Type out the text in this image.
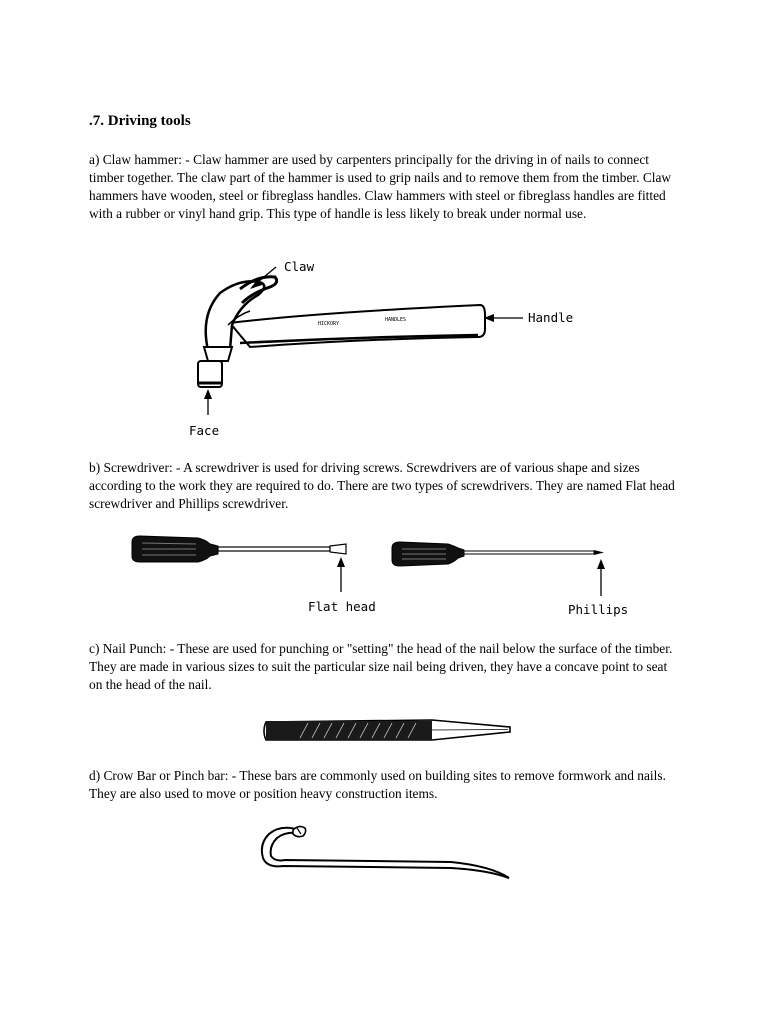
.7. Driving tools

a) Claw hammer: - Claw hammer are used by carpenters principally for the driving in of nails to connect timber together. The claw part of the hammer is used to grip nails and to remove them from the timber. Claw hammers have wooden, steel or fibreglass handles. Claw hammers with steel or fibreglass handles are fitted with a rubber or vinyl hand grip. This type of handle is less likely to break under normal use.

HICKORY
HANDLES
Claw
Handle
Face

b) Screwdriver: - A screwdriver is used for driving screws. Screwdrivers are of various shape and sizes according to the work they are required to do. There are two types of screwdrivers. They are named Flat head screwdriver and Phillips screwdriver.

Flat head	Phillips

c) Nail Punch: - These are used for punching or "setting" the head of the nail below the surface of the timber. They are made in various sizes to suit the particular size nail being driven, they have a concave point to seat on the head of the nail.

d) Crow Bar or Pinch bar: - These bars are commonly used on building sites to remove formwork and nails. They are also used to move or position heavy construction items.
